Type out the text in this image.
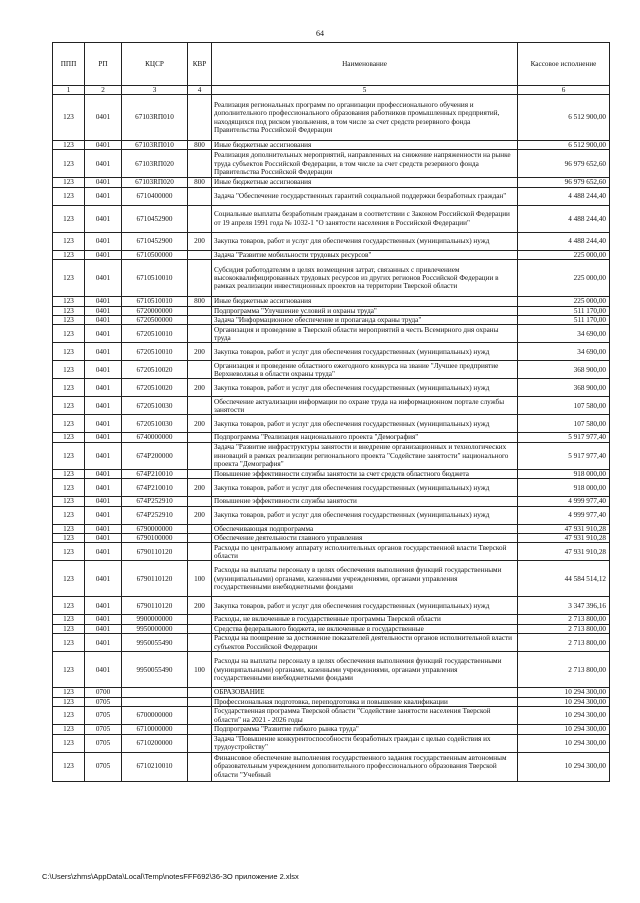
64
ППП	РП	КЦСР	КВР	Наименование	Кассовое исполнение
1	2	3	4	5	6
123	0401	67103RП010		Реализация региональных программ по организации профессионального обучения и дополнительного профессионального образования работников промышленных предприятий, находящихся под риском увольнения, в том числе за счет средств резервного фонда Правительства Российской Федерации	6 512 900,00
123	0401	67103RП010	800	Иные бюджетные ассигнования	6 512 900,00
123	0401	67103RП020		Реализация дополнительных мероприятий, направленных на снижение напряженности на рынке труда субъектов Российской Федерации, в том числе за счет средств резервного фонда Правительства Российской Федерации	96 979 652,60
123	0401	67103RП020	800	Иные бюджетные ассигнования	96 979 652,60
123	0401	6710400000		Задача "Обеспечение государственных гарантий социальной поддержки безработных граждан"	4 488 244,40
123	0401	6710452900		Социальные выплаты безработным гражданам в соответствии с Законом Российской Федерации от 19 апреля 1991 года № 1032-1 "О занятости населения в Российской Федерации"	4 488 244,40
123	0401	6710452900	200	Закупка товаров, работ и услуг для обеспечения государственных (муниципальных) нужд	4 488 244,40
123	0401	6710500000		Задача "Развитие мобильности трудовых ресурсов"	225 000,00
123	0401	6710510010		Субсидия работодателям в целях возмещения затрат, связанных с привлечением высококвалифицированных трудовых ресурсов из других регионов Российской Федерации в рамках реализации инвестиционных проектов на территории Тверской области	225 000,00
123	0401	6710510010	800	Иные бюджетные ассигнования	225 000,00
123	0401	6720000000		Подпрограмма "Улучшение условий и охраны труда"	511 170,00
123	0401	6720500000		Задача "Информационное обеспечение и пропаганда охраны труда"	511 170,00
123	0401	6720510010		Организация и проведение в Тверской области мероприятий в честь Всемирного дня охраны труда	34 690,00
123	0401	6720510010	200	Закупка товаров, работ и услуг для обеспечения государственных (муниципальных) нужд	34 690,00
123	0401	6720510020		Организация и проведение областного ежегодного конкурса на звание "Лучшее предприятие Верхневолжья в области охраны труда"	368 900,00
123	0401	6720510020	200	Закупка товаров, работ и услуг для обеспечения государственных (муниципальных) нужд	368 900,00
123	0401	6720510030		Обеспечение актуализации информации по охране труда на информационном портале службы занятости	107 580,00
123	0401	6720510030	200	Закупка товаров, работ и услуг для обеспечения государственных (муниципальных) нужд	107 580,00
123	0401	6740000000		Подпрограмма "Реализация национального проекта "Демография"	5 917 977,40
123	0401	674P200000		Задача "Развитие инфраструктуры занятости и внедрение организационных и технологических инноваций в рамках реализации регионального проекта "Содействие занятости" национального проекта "Демография"	5 917 977,40
123	0401	674P210010		Повышение эффективности службы занятости за счет средств областного бюджета	918 000,00
123	0401	674P210010	200	Закупка товаров, работ и услуг для обеспечения государственных (муниципальных) нужд	918 000,00
123	0401	674P252910		Повышение эффективности службы занятости	4 999 977,40
123	0401	674P252910	200	Закупка товаров, работ и услуг для обеспечения государственных (муниципальных) нужд	4 999 977,40
123	0401	6790000000		Обеспечивающая подпрограмма	47 931 910,28
123	0401	6790100000		Обеспечение деятельности главного управления	47 931 910,28
123	0401	6790110120		Расходы по центральному аппарату исполнительных органов государственной власти Тверской области	47 931 910,28
123	0401	6790110120	100	Расходы на выплаты персоналу в целях обеспечения выполнения функций государственными (муниципальными) органами, казенными учреждениями, органами управления государственными внебюджетными фондами	44 584 514,12
123	0401	6790110120	200	Закупка товаров, работ и услуг для обеспечения государственных (муниципальных) нужд	3 347 396,16
123	0401	9900000000		Расходы, не включенные в государственные программы Тверской области	2 713 800,00
123	0401	9950000000		Средства федерального бюджета, не включенные в государственные	2 713 800,00
123	0401	9950055490		Расходы на поощрение за достижение показателей деятельности органов исполнительной власти субъектов Российской Федерации	2 713 800,00
123	0401	9950055490	100	Расходы на выплаты персоналу в целях обеспечения выполнения функций государственными (муниципальными) органами, казенными учреждениями, органами управления государственными внебюджетными фондами	2 713 800,00
123	0700			ОБРАЗОВАНИЕ	10 294 300,00
123	0705			Профессиональная подготовка, переподготовка и повышение квалификации	10 294 300,00
123	0705	6700000000		Государственная программа Тверской области "Содействие занятости населения Тверской области" на 2021 - 2026 годы	10 294 300,00
123	0705	6710000000		Подпрограмма "Развитие гибкого рынка труда"	10 294 300,00
123	0705	6710200000		Задача "Повышение конкурентоспособности безработных граждан с целью содействия их трудоустройству"	10 294 300,00
123	0705	6710210010		Финансовое обеспечение выполнения государственного задания государственным автономным образовательным учреждением дополнительного профессионального образования Тверской области "Учебный	10 294 300,00
C:\Users\zhms\AppData\Local\Temp\notesFFF692\36-ЗО приложение 2.xlsx
